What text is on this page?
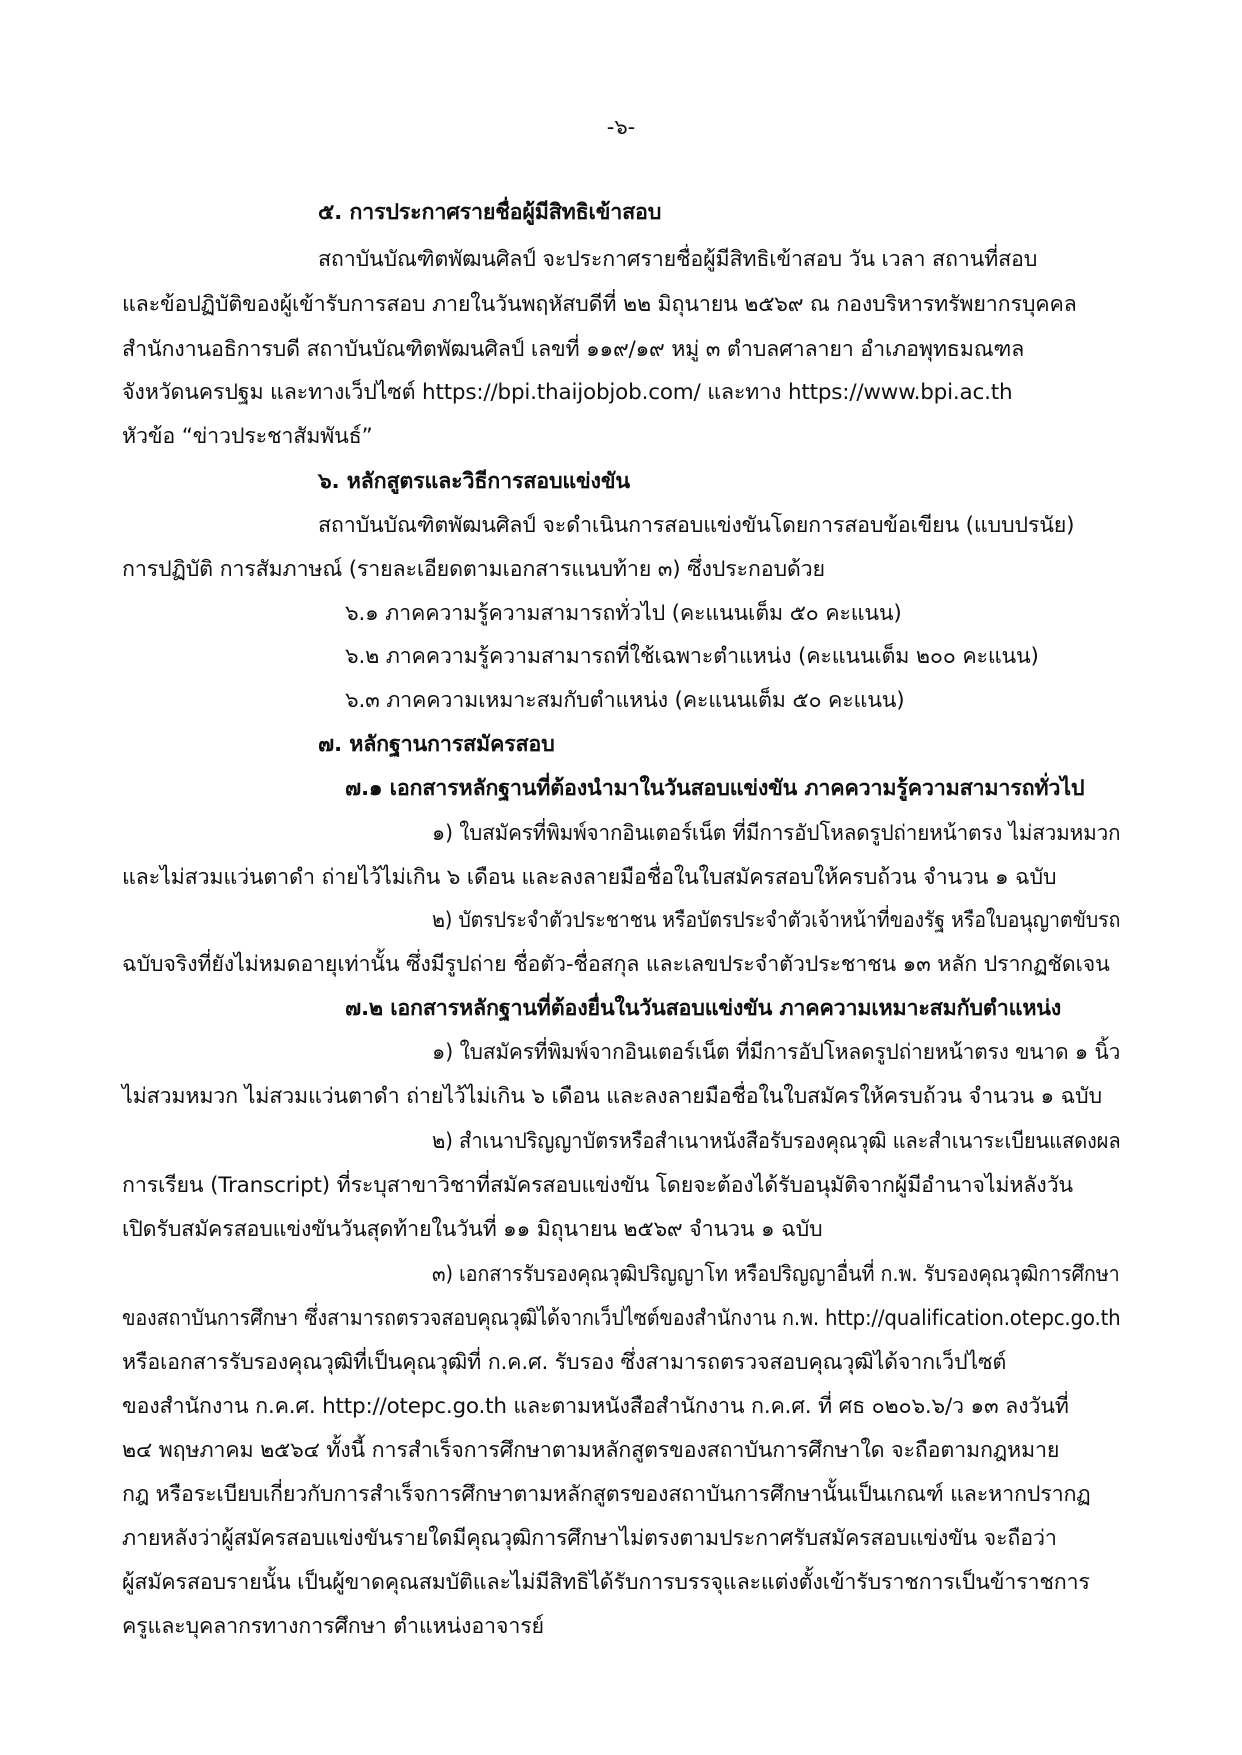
-๖-
๕. การประกาศรายชื่อผู้มีสิทธิเข้าสอบ
สถาบันบัณฑิตพัฒนศิลป์ จะประกาศรายชื่อผู้มีสิทธิเข้าสอบ วัน เวลา สถานที่สอบ
และข้อปฏิบัติของผู้เข้ารับการสอบ ภายในวันพฤหัสบดีที่ ๒๒ มิถุนายน ๒๕๖๙ ณ กองบริหารทรัพยากรบุคคล
สำนักงานอธิการบดี สถาบันบัณฑิตพัฒนศิลป์ เลขที่ ๑๑๙/๑๙ หมู่ ๓ ตำบลศาลายา อำเภอพุทธมณฑล
จังหวัดนครปฐม และทางเว็ปไซต์ https://bpi.thaijobjob.com/ และทาง https://www.bpi.ac.th
หัวข้อ “ข่าวประชาสัมพันธ์”
๖. หลักสูตรและวิธีการสอบแข่งขัน
สถาบันบัณฑิตพัฒนศิลป์ จะดำเนินการสอบแข่งขันโดยการสอบข้อเขียน (แบบปรนัย)
การปฏิบัติ การสัมภาษณ์ (รายละเอียดตามเอกสารแนบท้าย ๓) ซึ่งประกอบด้วย
๖.๑ ภาคความรู้ความสามารถทั่วไป (คะแนนเต็ม ๕๐ คะแนน)
๖.๒ ภาคความรู้ความสามารถที่ใช้เฉพาะตำแหน่ง (คะแนนเต็ม ๒๐๐ คะแนน)
๖.๓ ภาคความเหมาะสมกับตำแหน่ง (คะแนนเต็ม ๕๐ คะแนน)
๗. หลักฐานการสมัครสอบ
๗.๑ เอกสารหลักฐานที่ต้องนำมาในวันสอบแข่งขัน ภาคความรู้ความสามารถทั่วไป
๑) ใบสมัครที่พิมพ์จากอินเตอร์เน็ต ที่มีการอัปโหลดรูปถ่ายหน้าตรง ไม่สวมหมวก
และไม่สวมแว่นตาดำ ถ่ายไว้ไม่เกิน ๖ เดือน และลงลายมือชื่อในใบสมัครสอบให้ครบถ้วน จำนวน ๑ ฉบับ
๒) บัตรประจำตัวประชาชน หรือบัตรประจำตัวเจ้าหน้าที่ของรัฐ หรือใบอนุญาตขับรถ
ฉบับจริงที่ยังไม่หมดอายุเท่านั้น ซึ่งมีรูปถ่าย ชื่อตัว-ชื่อสกุล และเลขประจำตัวประชาชน ๑๓ หลัก ปรากฏชัดเจน
๗.๒ เอกสารหลักฐานที่ต้องยื่นในวันสอบแข่งขัน ภาคความเหมาะสมกับตำแหน่ง
๑) ใบสมัครที่พิมพ์จากอินเตอร์เน็ต ที่มีการอัปโหลดรูปถ่ายหน้าตรง ขนาด ๑ นิ้ว
ไม่สวมหมวก ไม่สวมแว่นตาดำ ถ่ายไว้ไม่เกิน ๖ เดือน และลงลายมือชื่อในใบสมัครให้ครบถ้วน จำนวน ๑ ฉบับ
๒) สำเนาปริญญาบัตรหรือสำเนาหนังสือรับรองคุณวุฒิ และสำเนาระเบียนแสดงผล
การเรียน (Transcript) ที่ระบุสาขาวิชาที่สมัครสอบแข่งขัน โดยจะต้องได้รับอนุมัติจากผู้มีอำนาจไม่หลังวัน
เปิดรับสมัครสอบแข่งขันวันสุดท้ายในวันที่ ๑๑ มิถุนายน ๒๕๖๙ จำนวน ๑ ฉบับ
๓) เอกสารรับรองคุณวุฒิปริญญาโท หรือปริญญาอื่นที่ ก.พ. รับรองคุณวุฒิการศึกษา
ของสถาบันการศึกษา ซึ่งสามารถตรวจสอบคุณวุฒิได้จากเว็ปไซต์ของสำนักงาน ก.พ. http://qualification.otepc.go.th
หรือเอกสารรับรองคุณวุฒิที่เป็นคุณวุฒิที่ ก.ค.ศ. รับรอง ซึ่งสามารถตรวจสอบคุณวุฒิได้จากเว็ปไซต์
ของสำนักงาน ก.ค.ศ. http://otepc.go.th และตามหนังสือสำนักงาน ก.ค.ศ. ที่ ศธ ๐๒๐๖.๖/ว ๑๓ ลงวันที่
๒๔ พฤษภาคม ๒๕๖๔ ทั้งนี้ การสำเร็จการศึกษาตามหลักสูตรของสถาบันการศึกษาใด จะถือตามกฎหมาย
กฎ หรือระเบียบเกี่ยวกับการสำเร็จการศึกษาตามหลักสูตรของสถาบันการศึกษานั้นเป็นเกณฑ์ และหากปรากฏ
ภายหลังว่าผู้สมัครสอบแข่งขันรายใดมีคุณวุฒิการศึกษาไม่ตรงตามประกาศรับสมัครสอบแข่งขัน จะถือว่า
ผู้สมัครสอบรายนั้น เป็นผู้ขาดคุณสมบัติและไม่มีสิทธิได้รับการบรรจุและแต่งตั้งเข้ารับราชการเป็นข้าราชการ
ครูและบุคลากรทางการศึกษา ตำแหน่งอาจารย์
